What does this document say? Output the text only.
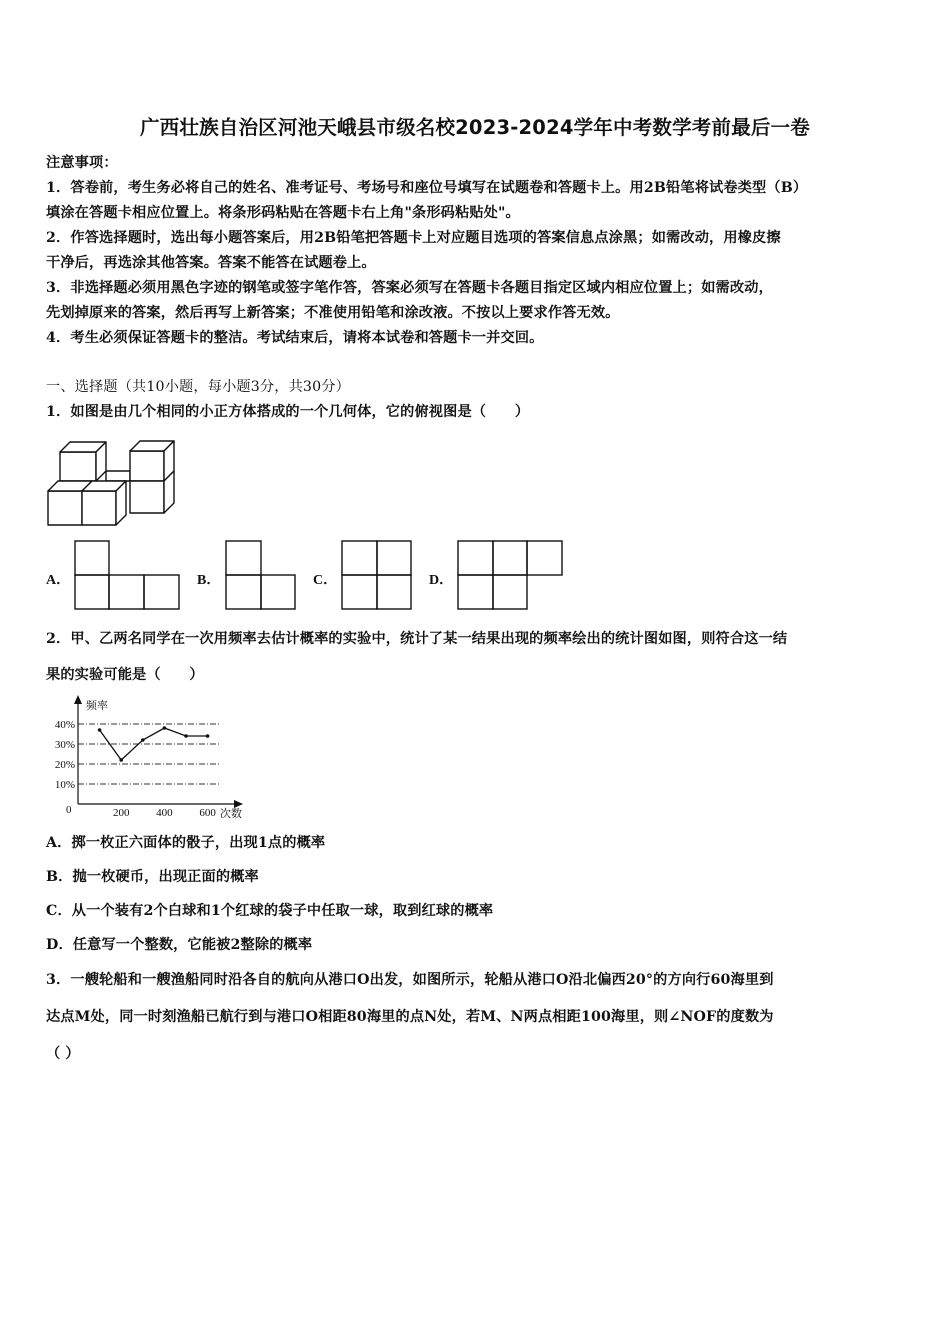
广西壮族自治区河池天峨县市级名校2023-2024学年中考数学考前最后一卷
注意事项：
1．答卷前，考生务必将自己的姓名、准考证号、考场号和座位号填写在试题卷和答题卡上。用2B铅笔将试卷类型（B）
填涂在答题卡相应位置上。将条形码粘贴在答题卡右上角"条形码粘贴处"。
2．作答选择题时，选出每小题答案后，用2B铅笔把答题卡上对应题目选项的答案信息点涂黑；如需改动，用橡皮擦
干净后，再选涂其他答案。答案不能答在试题卷上。
3．非选择题必须用黑色字迹的钢笔或签字笔作答，答案必须写在答题卡各题目指定区域内相应位置上；如需改动，
先划掉原来的答案，然后再写上新答案；不准使用铅笔和涂改液。不按以上要求作答无效。
4．考生必须保证答题卡的整洁。考试结束后，请将本试卷和答题卡一并交回。
一、选择题（共10小题，每小题3分，共30分）
1．如图是由几个相同的小正方体搭成的一个几何体，它的俯视图是（　　）
A．	B．	C．	D．
2．甲、乙两名同学在一次用频率去估计概率的实验中，统计了某一结果出现的频率绘出的统计图如图，则符合这一结
果的实验可能是（　　）
频率
次数
0
10%
20%
30%
40%
200 400 600
A．掷一枚正六面体的骰子，出现1点的概率
B．抛一枚硬币，出现正面的概率
C．从一个装有2个白球和1个红球的袋子中任取一球，取到红球的概率
D．任意写一个整数，它能被2整除的概率
3．一艘轮船和一艘渔船同时沿各自的航向从港口O出发，如图所示，轮船从港口O沿北偏西20°的方向行60海里到
达点M处，同一时刻渔船已航行到与港口O相距80海里的点N处，若M、N两点相距100海里，则∠NOF的度数为
（ ）
